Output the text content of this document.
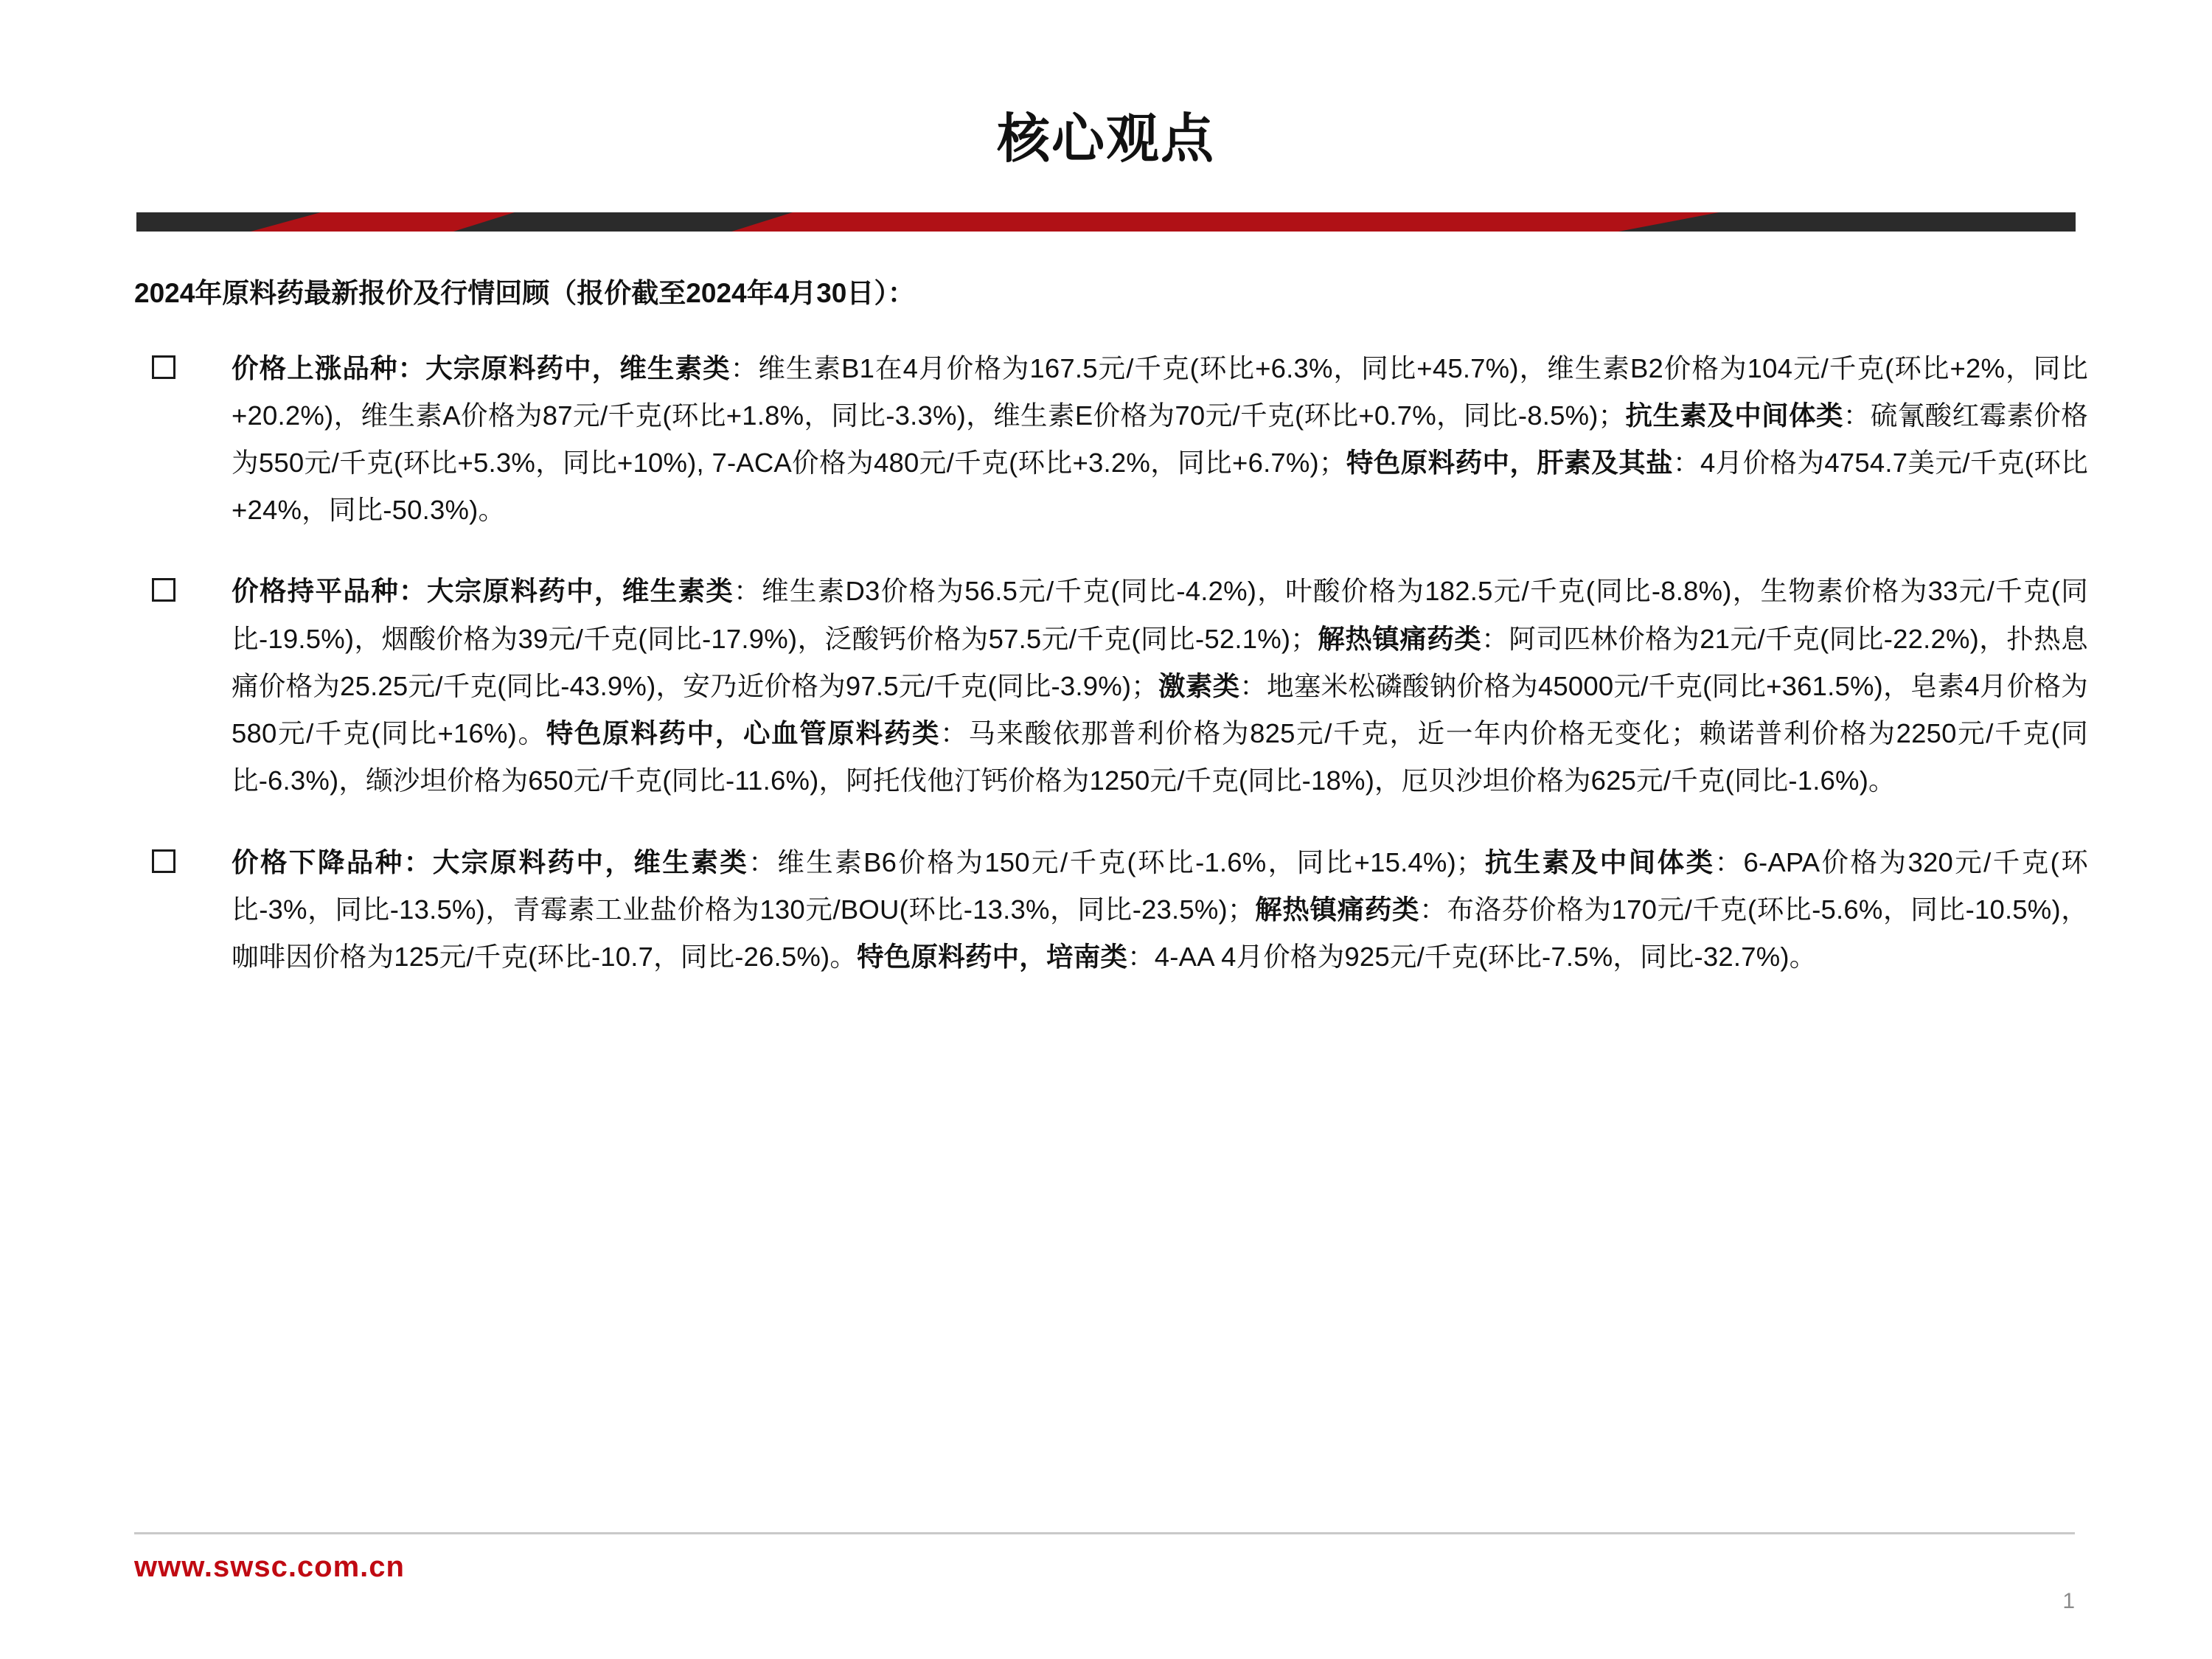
核心观点
2024年原料药最新报价及行情回顾（报价截至2024年4月30日）：
价格上涨品种：大宗原料药中，维生素类：维生素B1在4月价格为167.5元/千克(环比+6.3%，同比+45.7%)，维生素B2价格为104元/千克(环比+2%，同比+20.2%)，维生素A价格为87元/千克(环比+1.8%，同比-3.3%)，维生素E价格为70元/千克(环比+0.7%，同比-8.5%)；抗生素及中间体类：硫氰酸红霉素价格为550元/千克(环比+5.3%，同比+10%), 7-ACA价格为480元/千克(环比+3.2%，同比+6.7%)；特色原料药中，肝素及其盐：4月价格为4754.7美元/千克(环比+24%，同比-50.3%)。
价格持平品种：大宗原料药中，维生素类：维生素D3价格为56.5元/千克(同比-4.2%)，叶酸价格为182.5元/千克(同比-8.8%)，生物素价格为33元/千克(同比-19.5%)，烟酸价格为39元/千克(同比-17.9%)，泛酸钙价格为57.5元/千克(同比-52.1%)；解热镇痛药类：阿司匹林价格为21元/千克(同比-22.2%)，扑热息痛价格为25.25元/千克(同比-43.9%)，安乃近价格为97.5元/千克(同比-3.9%)；激素类：地塞米松磷酸钠价格为45000元/千克(同比+361.5%)，皂素4月价格为580元/千克(同比+16%)。特色原料药中，心血管原料药类：马来酸依那普利价格为825元/千克，近一年内价格无变化；赖诺普利价格为2250元/千克(同比-6.3%)，缬沙坦价格为650元/千克(同比-11.6%)，阿托伐他汀钙价格为1250元/千克(同比-18%)，厄贝沙坦价格为625元/千克(同比-1.6%)。
价格下降品种：大宗原料药中，维生素类：维生素B6价格为150元/千克(环比-1.6%，同比+15.4%)；抗生素及中间体类：6-APA价格为320元/千克(环比-3%，同比-13.5%)，青霉素工业盐价格为130元/BOU(环比-13.3%，同比-23.5%)；解热镇痛药类：布洛芬价格为170元/千克(环比-5.6%，同比-10.5%)，咖啡因价格为125元/千克(环比-10.7，同比-26.5%)。特色原料药中，培南类：4-AA 4月价格为925元/千克(环比-7.5%，同比-32.7%)。
www.swsc.com.cn
1
